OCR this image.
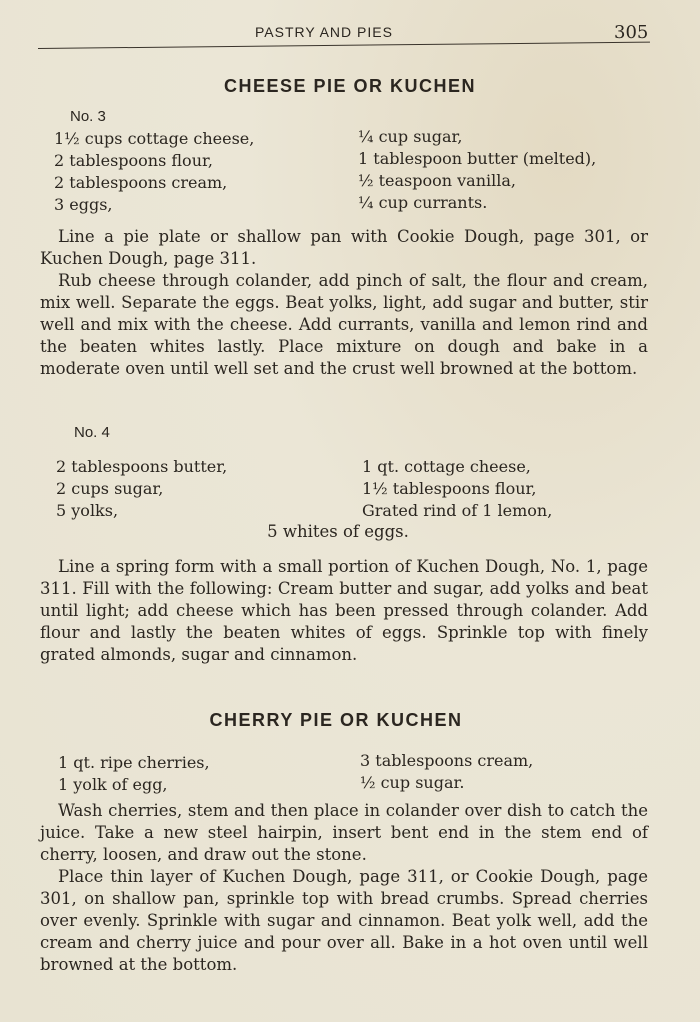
PASTRY AND PIES	305
CHEESE PIE OR KUCHEN
No. 3
1½ cups cottage cheese,
2 tablespoons flour,
2 tablespoons cream,
3 eggs,
¼ cup sugar,
1 tablespoon butter (melted),
½ teaspoon vanilla,
¼ cup currants.
Line a pie plate or shallow pan with Cookie Dough, page 301, or Kuchen Dough, page 311.
Rub cheese through colander, add pinch of salt, the flour and cream, mix well. Separate the eggs. Beat yolks, light, add sugar and butter, stir well and mix with the cheese. Add currants, vanilla and lemon rind and the beaten whites lastly. Place mixture on dough and bake in a moderate oven until well set and the crust well browned at the bottom.
No. 4
2 tablespoons butter,
2 cups sugar,
5 yolks,
1 qt. cottage cheese,
1½ tablespoons flour,
Grated rind of 1 lemon,
5 whites of eggs.
Line a spring form with a small portion of Kuchen Dough, No. 1, page 311. Fill with the following: Cream butter and sugar, add yolks and beat until light; add cheese which has been pressed through colander. Add flour and lastly the beaten whites of eggs. Sprinkle top with finely grated almonds, sugar and cinnamon.
CHERRY PIE OR KUCHEN
1 qt. ripe cherries,
1 yolk of egg,
3 tablespoons cream,
½ cup sugar.
Wash cherries, stem and then place in colander over dish to catch the juice. Take a new steel hairpin, insert bent end in the stem end of cherry, loosen, and draw out the stone.
Place thin layer of Kuchen Dough, page 311, or Cookie Dough, page 301, on shallow pan, sprinkle top with bread crumbs. Spread cherries over evenly. Sprinkle with sugar and cinnamon. Beat yolk well, add the cream and cherry juice and pour over all. Bake in a hot oven until well browned at the bottom.
